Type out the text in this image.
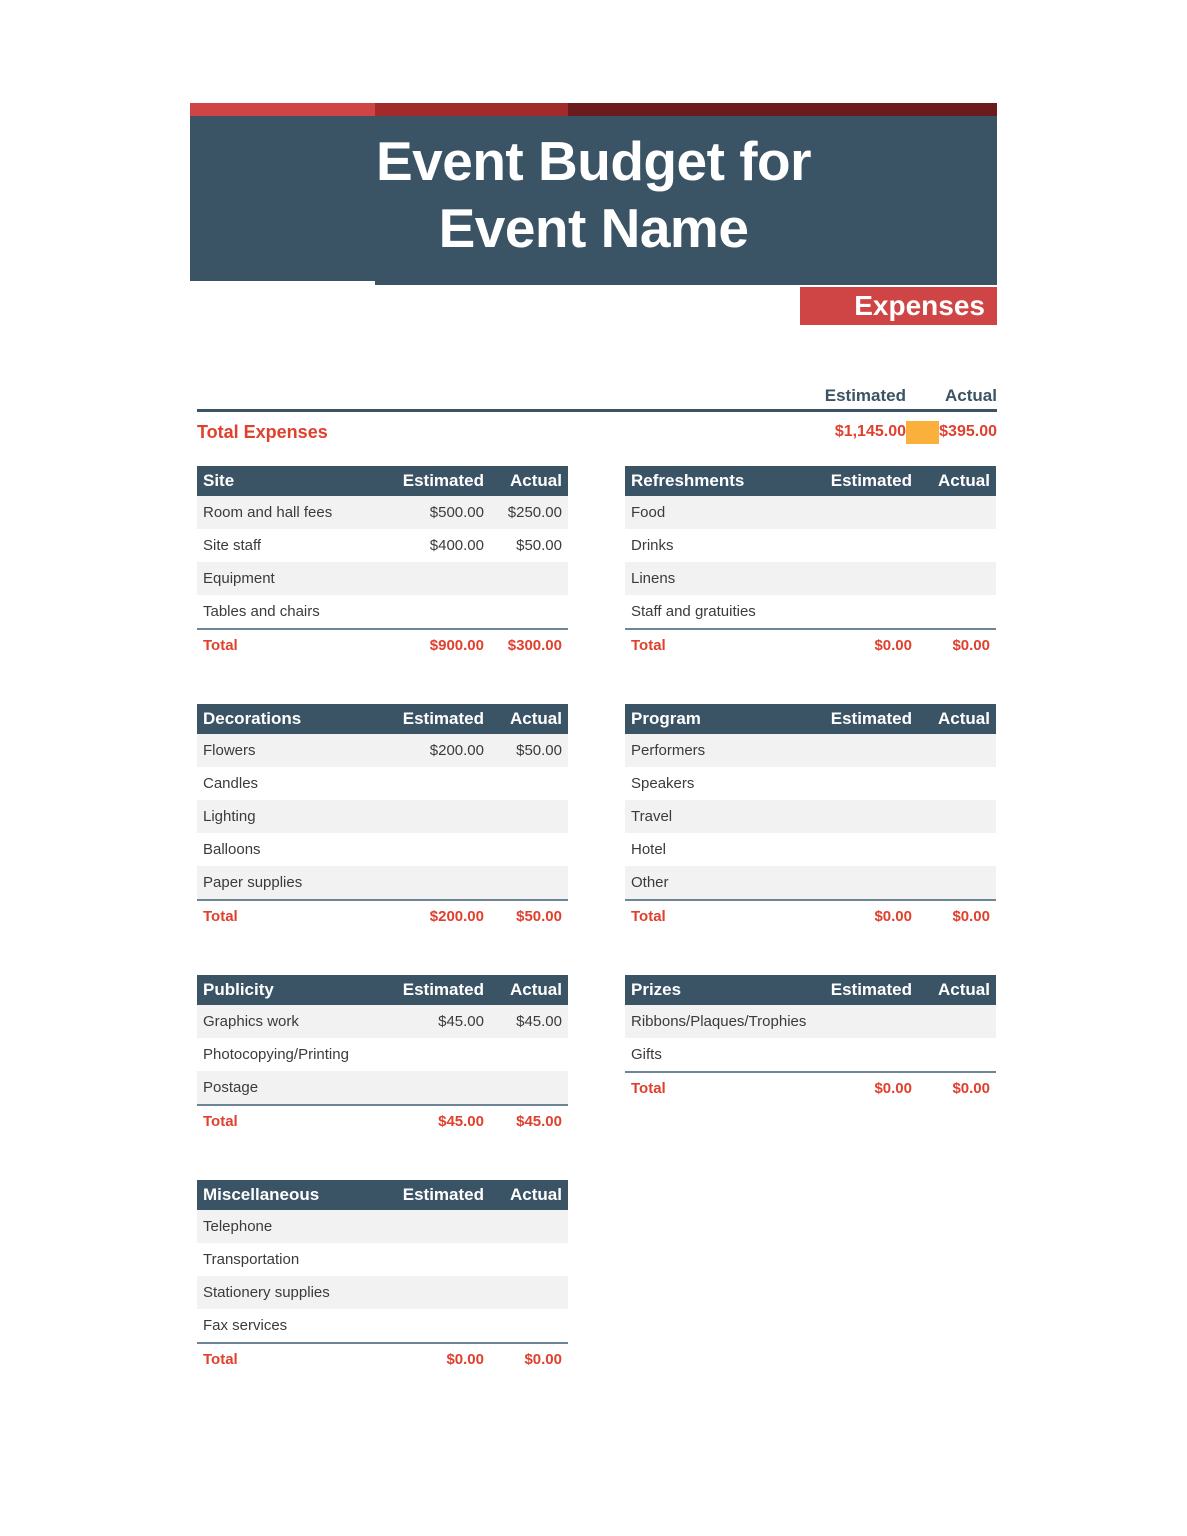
Event Budget for
Event Name
Expenses
Estimated	Actual
Total Expenses	$1,145.00 $395.00
Site	Estimated	Actual
Room and hall fees	$500.00	$250.00
Site staff	$400.00	$50.00
Equipment
Tables and chairs
Total	$900.00	$300.00
Refreshments	Estimated	Actual
Food
Drinks
Linens
Staff and gratuities
Total	$0.00	$0.00
Decorations	Estimated	Actual
Flowers	$200.00	$50.00
Candles
Lighting
Balloons
Paper supplies
Total	$200.00	$50.00
Program	Estimated	Actual
Performers
Speakers
Travel
Hotel
Other
Total	$0.00	$0.00
Publicity	Estimated	Actual
Graphics work	$45.00	$45.00
Photocopying/Printing
Postage
Total	$45.00	$45.00
Prizes	Estimated	Actual
Ribbons/Plaques/Trophies
Gifts
Total	$0.00	$0.00
Miscellaneous	Estimated	Actual
Telephone
Transportation
Stationery supplies
Fax services
Total	$0.00	$0.00
